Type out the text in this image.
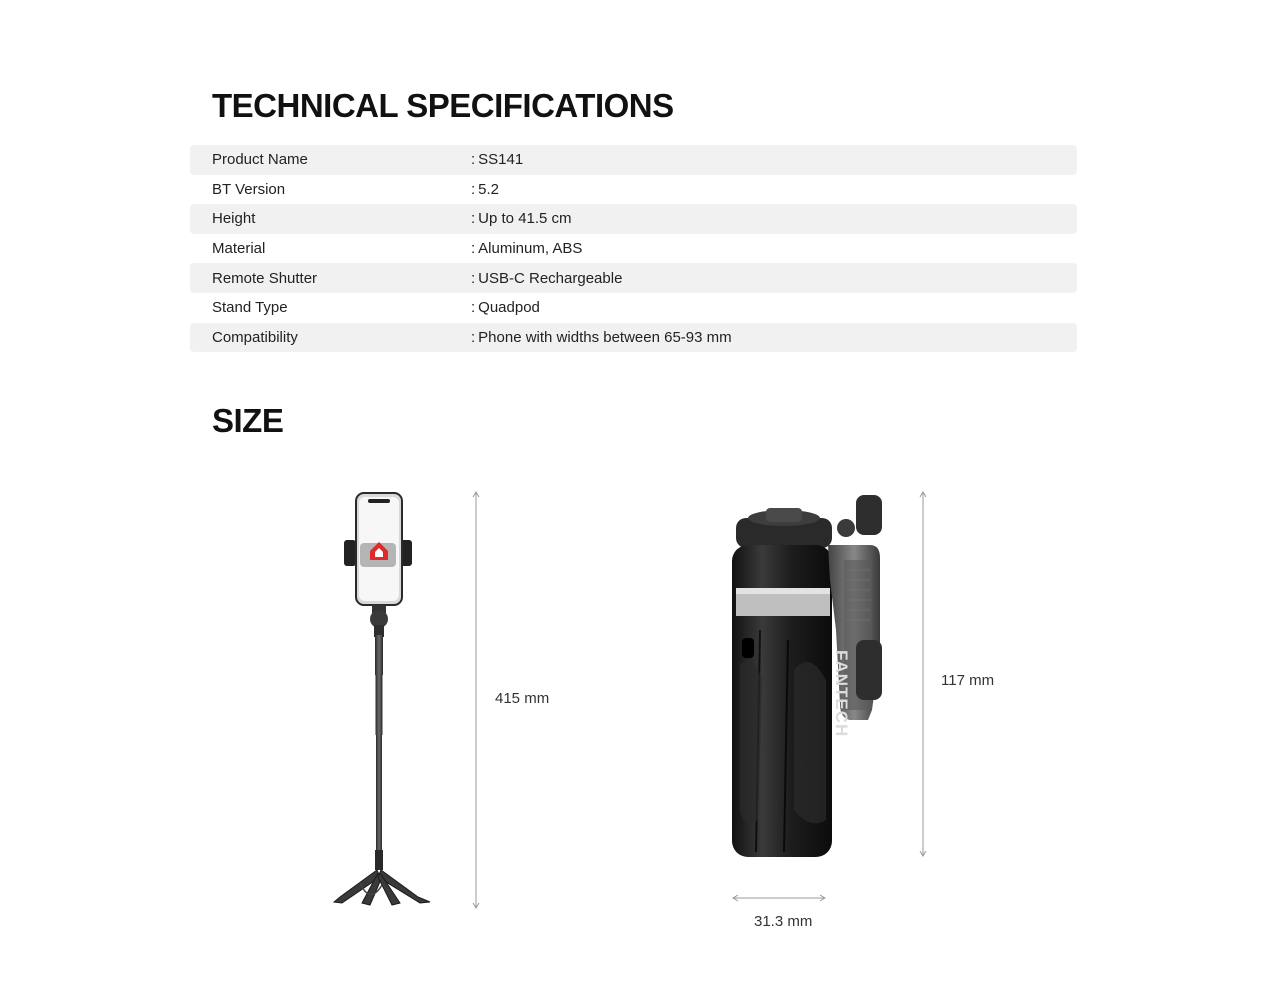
TECHNICAL SPECIFICATIONS
Product Name	: SS141
BT Version	: 5.2
Height	: Up to 41.5 cm
Material	: Aluminum, ABS
Remote Shutter	: USB-C Rechargeable
Stand Type	: Quadpod
Compatibility	: Phone with widths between 65-93 mm
SIZE
415 mm	FANTECH	117 mm
31.3 mm
